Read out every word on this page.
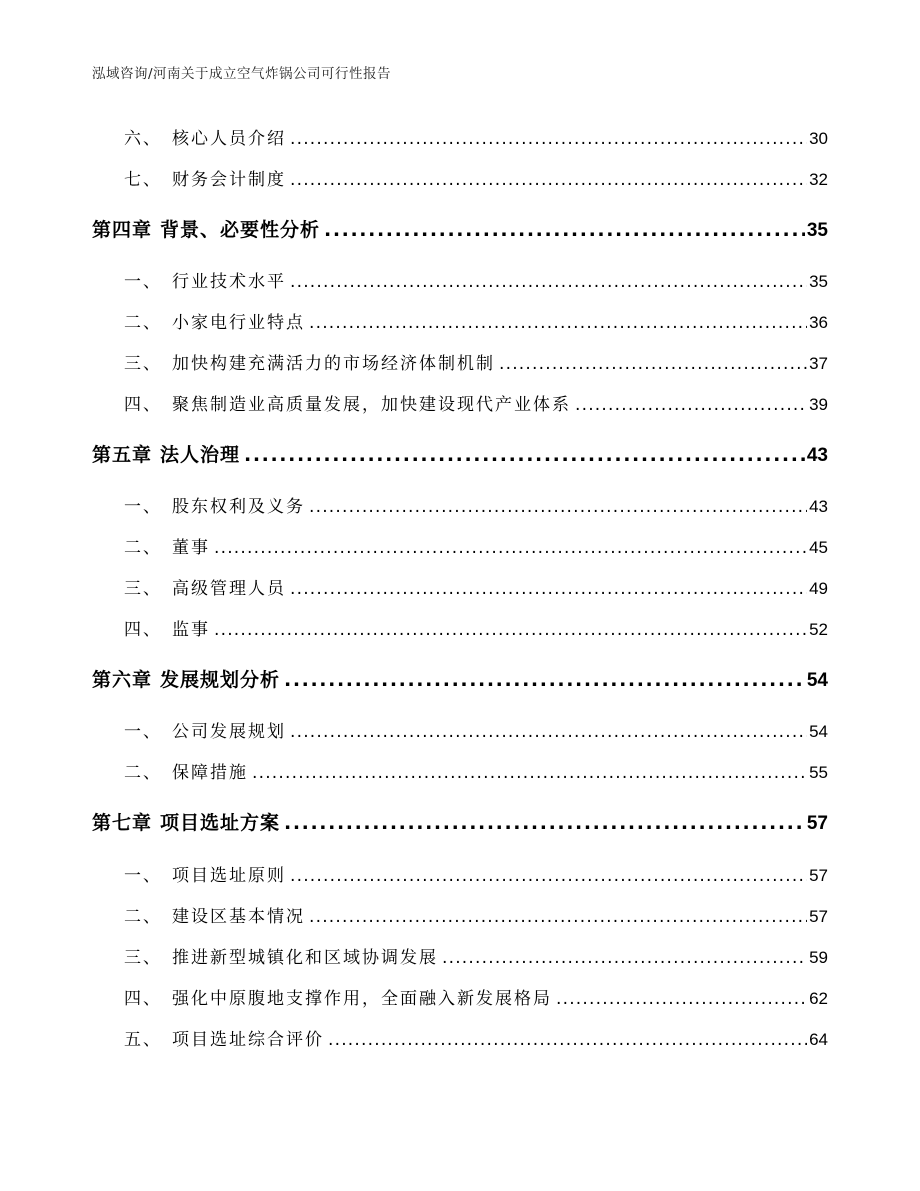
泓域咨询/河南关于成立空气炸锅公司可行性报告
六、 核心人员介绍 .....	30
七、 财务会计制度 .....	32
第四章 背景、必要性分析 .....	35
一、 行业技术水平 .....	35
二、 小家电行业特点 .....	36
三、 加快构建充满活力的市场经济体制机制 .....	37
四、 聚焦制造业高质量发展，加快建设现代产业体系 .....	39
第五章 法人治理 .....	43
一、 股东权利及义务 .....	43
二、 董事 .....	45
三、 高级管理人员 .....	49
四、 监事 .....	52
第六章 发展规划分析 .....	54
一、 公司发展规划 .....	54
二、 保障措施 .....	55
第七章 项目选址方案 .....	57
一、 项目选址原则 .....	57
二、 建设区基本情况 .....	57
三、 推进新型城镇化和区域协调发展 .....	59
四、 强化中原腹地支撑作用，全面融入新发展格局 .....	62
五、 项目选址综合评价 .....	64
